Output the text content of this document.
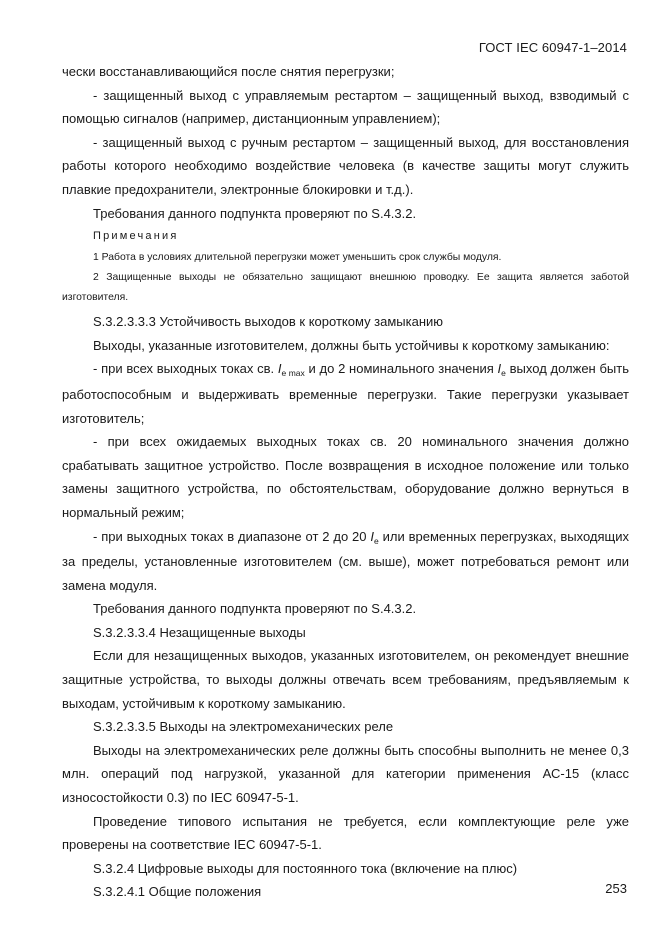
ГОСТ IEC 60947-1–2014

чески восстанавливающийся после снятия перегрузки;

- защищенный выход с управляемым рестартом – защищенный выход, взводимый с помощью сигналов (например, дистанционным управлением);

- защищенный выход с ручным рестартом – защищенный выход, для восстановления работы которого необходимо воздействие человека (в качестве защиты могут служить плавкие предохранители, электронные блокировки и т.д.).

Требования данного подпункта проверяют по S.4.3.2.

Примечания

1 Работа в условиях длительной перегрузки может уменьшить срок службы модуля.

2 Защищенные выходы не обязательно защищают внешнюю проводку. Ее защита является заботой изготовителя.

S.3.2.3.3.3 Устойчивость выходов к короткому замыканию

Выходы, указанные изготовителем, должны быть устойчивы к короткому замыканию:

- при всех выходных токах св. $I_{e max}$ и до 2 номинального значения $I_e$ выход должен быть работоспособным и выдерживать временные перегрузки. Такие перегрузки указывает изготовитель;

- при всех ожидаемых выходных токах св. 20 номинального значения должно срабатывать защитное устройство. После возвращения в исходное положение или только замены защитного устройства, по обстоятельствам, оборудование должно вернуться в нормальный режим;

- при выходных токах в диапазоне от 2 до 20 $I_e$ или временных перегрузках, выходящих за пределы, установленные изготовителем (см. выше), может потребоваться ремонт или замена модуля.

Требования данного подпункта проверяют по S.4.3.2.

S.3.2.3.3.4 Незащищенные выходы

Если для незащищенных выходов, указанных изготовителем, он рекомендует внешние защитные устройства, то выходы должны отвечать всем требованиям, предъявляемым к выходам, устойчивым к короткому замыканию.

S.3.2.3.3.5 Выходы на электромеханических реле

Выходы на электромеханических реле должны быть способны выполнить не менее 0,3 млн. операций под нагрузкой, указанной для категории применения АС-15 (класс износостойкости 0.3) по IEC 60947-5-1.

Проведение типового испытания не требуется, если комплектующие реле уже проверены на соответствие IEC 60947-5-1.

S.3.2.4 Цифровые выходы для постоянного тока (включение на плюс)

S.3.2.4.1 Общие положения	253
